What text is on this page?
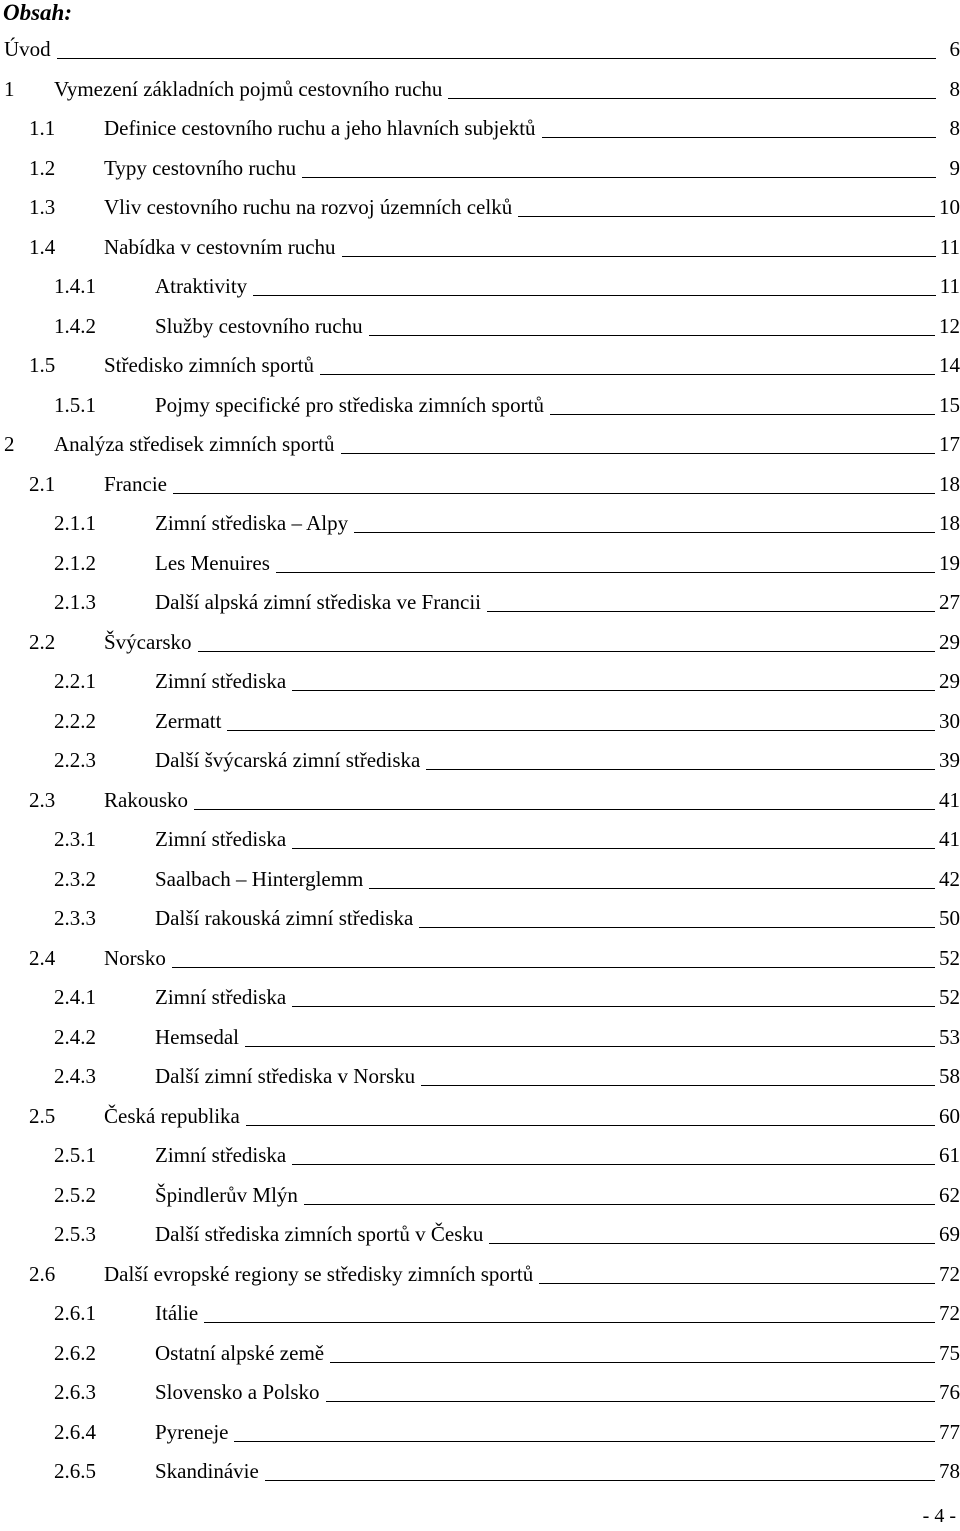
Obsah:
Úvod	6
1 Vymezení základních pojmů cestovního ruchu	8
1.1 Definice cestovního ruchu a jeho hlavních subjektů	8
1.2 Typy cestovního ruchu	9
1.3 Vliv cestovního ruchu na rozvoj územních celků	10
1.4 Nabídka v cestovním ruchu	11
1.4.1	Atraktivity	11
1.4.2	Služby cestovního ruchu	12
1.5 Středisko zimních sportů	14
1.5.1	Pojmy specifické pro střediska zimních sportů	15
2 Analýza středisek zimních sportů	17
2.1 Francie	18
2.1.1	Zimní střediska – Alpy	18
2.1.2	Les Menuires	19
2.1.3	Další alpská zimní střediska ve Francii	27
2.2 Švýcarsko	29
2.2.1	Zimní střediska	29
2.2.2	Zermatt	30
2.2.3	Další švýcarská zimní střediska	39
2.3 Rakousko	41
2.3.1	Zimní střediska	41
2.3.2	Saalbach – Hinterglemm	42
2.3.3	Další rakouská zimní střediska	50
2.4 Norsko	52
2.4.1	Zimní střediska	52
2.4.2	Hemsedal	53
2.4.3	Další zimní střediska v Norsku	58
2.5 Česká republika	60
2.5.1	Zimní střediska	61
2.5.2	Špindlerův Mlýn	62
2.5.3	Další střediska zimních sportů v Česku	69
2.6 Další evropské regiony se středisky zimních sportů	72
2.6.1	Itálie	72
2.6.2	Ostatní alpské země	75
2.6.3	Slovensko a Polsko	76
2.6.4	Pyreneje	77
2.6.5	Skandinávie	78
- 4 -
